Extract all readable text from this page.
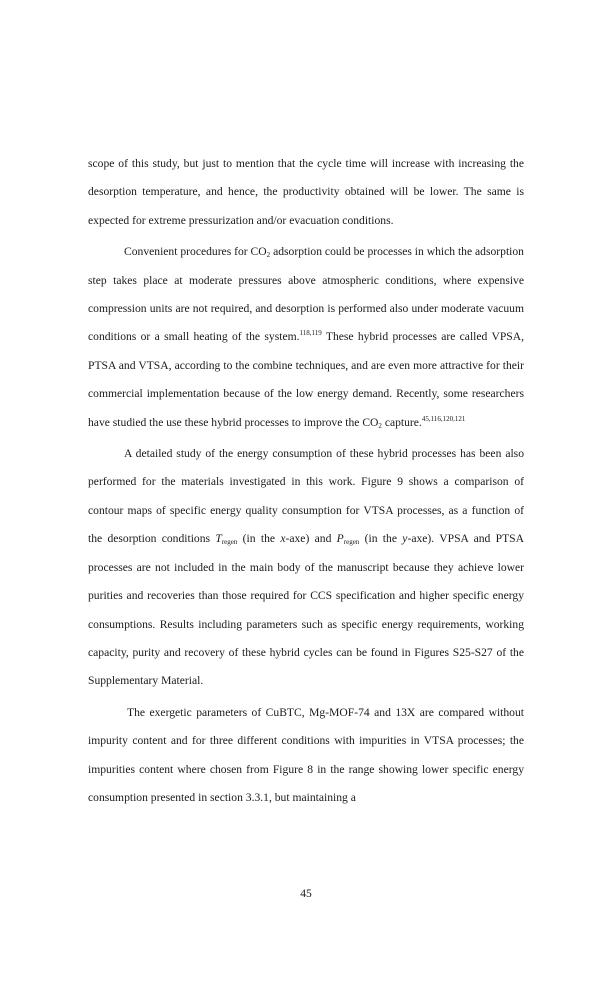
scope of this study, but just to mention that the cycle time will increase with increasing the desorption temperature, and hence, the productivity obtained will be lower. The same is expected for extreme pressurization and/or evacuation conditions.

Convenient procedures for $CO_2$ adsorption could be processes in which the adsorption step takes place at moderate pressures above atmospheric conditions, where expensive compression units are not required, and desorption is performed also under moderate vacuum conditions or a small heating of the system.$^{118,119}$ These hybrid processes are called VPSA, PTSA and VTSA, according to the combine techniques, and are even more attractive for their commercial implementation because of the low energy demand. Recently, some researchers have studied the use these hybrid processes to improve the $CO_2$ capture.$^{45,116,120,121}$

A detailed study of the energy consumption of these hybrid processes has been also performed for the materials investigated in this work. Figure 9 shows a comparison of contour maps of specific energy quality consumption for VTSA processes, as a function of the desorption conditions $T_{regen}$ (in the x-axe) and $P_{regen}$ (in the y-axe). VPSA and PTSA processes are not included in the main body of the manuscript because they achieve lower purities and recoveries than those required for CCS specification and higher specific energy consumptions. Results including parameters such as specific energy requirements, working capacity, purity and recovery of these hybrid cycles can be found in Figures S25-S27 of the Supplementary Material.

The exergetic parameters of CuBTC, Mg-MOF-74 and 13X are compared without impurity content and for three different conditions with impurities in VTSA processes; the impurities content where chosen from Figure 8 in the range showing lower specific energy consumption presented in section 3.3.1, but maintaining a

45
